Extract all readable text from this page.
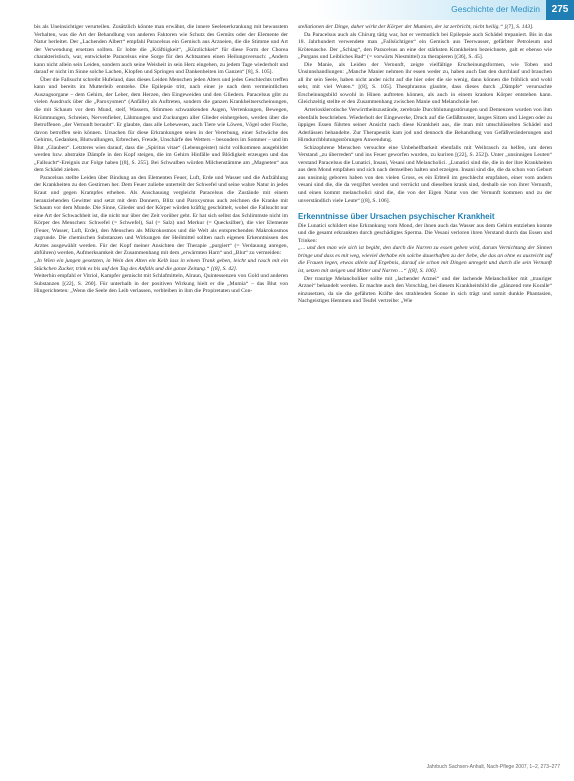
Geschichte der Medizin	275

bis als Uneinsichtiger verurteilen. Zusätzlich könnte man erwähnt, die innere Seelenerkrankung mit bewusstem Verhalten, was die Art der Behandlung von anderen Faktoren wie Schutz des Gemüts oder der Elemente der Natur herleitet. Der „Lachenden Albert“ empfahl Paracelsus ein Gemisch aus Arzneien, die die Stimme und Art der Verwendung ersetzen sollten. Er lobte die „Kräftiigkeit“, „Kürzlichkeit“ für diese Form der Chorea charakteristisch, war, entwickelte Paracelsus eine Sorge für den Achtsamen einen Heilungsversuch: „Andern kann nicht allein sein Leiden, sondern auch seine Weisheit in sein Herz eingehen, zu jedem Tage wiederholt und darauf er nicht im Sinne solche Lachen, Klopfen und Springen und Dankenheiten im Ganzen“ [8], S. 105].

Über die Fallsucht schreibt Hufeland, dass dieses Leiden Menschen jeden Alters und jedes Geschlechts treffen kann und bereits im Mutterleib entstehe. Die Epilepsie tritt, nach einer je nach dem vermeintlichen Auszugsorgane – dem Gehirn, der Leber, dem Herzen, den Eingeweiden und den Gliedern. Paracelsus gibt zu vielen Ausdruck über die „Paroxysmen“ (Anfälle) als Auftreten, sondern die ganzen Krankheitserscheinungen, die mit Schaum vor dem Mund, steif, Wassern, Stimmen schwankenden Augen, Verrenkungen, Bewegen, Krümmungen, Schreien, Nervenfieber, Lähmungen und Zuckungen aller Glieder einhergehen, werden über die Betroffenen „der Vernunft beraubt“. Er glaubte, dass alle Lebewesen, auch Tiere wie Löwen, Vögel oder Fische, davon betroffen sein können. Ursachen für diese Erkrankungen seien in der Vererbung, einer Schwäche des Gehirns, Gedanken, Blutwallungen, Erbrechen, Freude, Unschärfe des Wetters – besonders im Sommer – und im Blut „Glauben“. Letzteres wies darauf, dass die „Spiritus vitae“ (Lebensgeister) nicht vollkommen ausgebildet werden bzw. abstrakte Dämpfe in den Kopf steigen, die im Gehirn Hinfälle und Blödigkeit erzeugen und das „Fallsucht“-Ereignis zur Folge haben [(8], S. 255]. Bei Schwalben würden Milchenstämme am „Magneten“ aus dem Schädel ziehen.

Paracelsus stellte Leiden über Bindung an den Elementen Feuer, Luft, Erde und Wasser und die Aufzählung der Krankheiten zu den Gestirnen her. Dem Feuer zuliebe unterteilt der Schwefel und seine wahre Natur in jedes Kraut und gegen Krampfes erheben. Als Anschauung vergleicht Paracelsus die Zustände mit einem heranziehenden Gewitter und setzt mit dem Donnern, Blitz und Paroxysmus auch zeichnen die Kranke mit Schaum vor dem Munde. Die Sinne, Glieder und der Körper würden kräftig geschüttelt, wobei die Fallsucht nur eine Art der Schwachheit ist, die nicht nur über der Zeit vorüber geht. Er hat sich selbst das Schlimmste nicht im Körper des Menschen: Schwefel (= Schwefel), Sal (= Salz) und Merkur (= Quecksilber), die vier Elemente (Feuer, Wasser, Luft, Erde), den Menschen als Mikrokosmos und die Welt als entsprechenden Makrokosmos zugrunde. Die chemischen Substanzen und Wirkungen der Heilmittel sollten nach eigenen Erkenntnissen des Arztes ausgewählt werden. Für der Kopf meiner Ansichten der Therapie „purgiert“ (= Verdauung anregen, abführen) werden, Aufmerksamkeit der Zusammenhang mit dem „erwärmten Harn“ und „Blut“ zu vermeiden:

„In Wien ein jungen gesetzten, in Wein den Alten ein Kelb lass in einem Trank geben, leicht und rasch mit ein Stückchen Zucker, trink es bis auf den Tag des Anfalls und die ganze Zeitung.“ [(8], S. 42].

Weiterhin empfahl er Vitriol, Kampfer gemischt mit Schlafmitteln, Alraun, Quintessenzen von Gold und anderen Substanzen [(22], S. 260]. Für unterhalb in der positiven Wirkung hielt er die „Mumia“ – das Blut von Hingerichteten: „Wenn die Seele den Leib verlassen, verbleiben in ihm die Propiretaten und Con-

stellationen der Dinge, daher wirkt der Körper der Mumien, der ist zerbricht, nicht heilig.“ [(7], S. 143].

Da Paracelsus auch als Chirurg tätig war, hat er vermutlich bei Epilepsie auch Schädel trepaniert. Bis in das 18. Jahrhundert verwendete man „Fallsüchtigen“ ein Gemisch aus Teerwasser, gefärbter Petroleum und Krötenasche. Der „Schlag“, den Paracelsus an eine der stärksten Krankheiten bezeichnete, galt er ebenso wie „Purgans und Leibliches Bad“ (= vorwärts Niesmittel) zu therapieren [(36], S. 45].

Die Manie, als Leiden der Vernunft, zeigte vielfältige Erscheinungsformen, wie Toben und Unsinnshandlungen: „Manche Manier nehmen ihr essen weder zu, haben auch fast den durchlauf und brauchen all ihr sein Seele, haben nicht ander nicht auf die hier oder die sie wenig, dann können die fröhlich und wohl sehr, mit viel Wuten.“ [(8], S. 105]. Theophrastus glaubte, dass dieses durch „Dämpfe“ verursachte Erscheinungsbild sowohl in Hinen auftreten können, als auch in einem kranken Körper entstehen kann. Gleichzeitig stellte er den Zusammenhang zwischen Manie und Melancholie her.

Arteriosklerotische Verwirrtheitszustände, zerebrale Durchblutungsstörungen und Demenzen wurden von ihm ebenfalls beschrieben. Wiederholt der Eingewerke, Druck auf die Gefäßmuster, langes Sitzen und Liegen oder zu üppiges Essen führten seiner Ansicht nach diese Krankheit aus, die man mit umschlüsselten Schädel und Aderlässen behandelte. Zur Therapeutik kam jod und dennoch die Behandlung von Gefäßveränderungen und Hirndurchblutungsstörungen Anwendung.

Schizophrene Menschen versuchte eine Unbehelfbarkeit ebenfalls mit Weihrauch zu helfen, um deren Verstand „zu überreden“ und ins Feuer geworfen wurden, zu kuriren [(22], S. 252]). Unter „unsinnigen Leuten“ verstand Paracelsus die Lunatici, Insani, Vesani und Melancholici. „Lunatici sind die, die in der ihre Krankheiten aus dem Mond empfahen und sich nach demselben halten und erzeigen. Insani sind die, die da schon von Geburt aus unsinnig geboren haben von den vielen Gross, es ein Erbteil im geschlecht empfahen, einer vom andern vesani sind die, die da vergiftet werden und verrückt und dieselben krank sind, deshalb sie von ihrer Vernunft, und einen kommt melancholici sind die, die von der Eigen Natur von der Vernunft kommen und zu der unverständlich viele Leute“ [(8], S. 106].

Erkenntnisse über Ursachen psychischer Krankheit

Die Lunatici schildert eine Erkrankung vom Mond, der ihnen auch das Wasser aus dem Gehirn entziehen konnte und die gesamt erkrankten durch geschädigtes Sperma. Die Vesani verloren ihren Verstand durch das Essen und Trinken:

„... und den man wie sich ist begibt, den durch die Narren zu essen geben wird, darum Vernichtung der Sinnen bringe und dass es mit weg, wieviel derhabe ein solche dauerhaften zu der liebe, die das an ohne es ausreicht auf die Frauen legen, etwas allein auf Ergebnis, darauf sie schon mit Dingen unregelt und durch die sein Vernunft ist, setzen mit steigen und Mitter und Narren ...“ [(8], S. 106].

Der traurige Melancholiker sollte mit „lachender Arznei“ und der lachende Melancholiker mit „trauriger Arznei“ behandelt werden. Er machte auch den Vorschlag, bei diesem Krankheitsbild die „glänzend rote Koralle“ einzusetzen, da sie die gefährten Kräfte des strahlenden Sonne in sich trägt und somit dunkle Phantasien, Nachgeistiges Hemmen und Teufel vertreibe: „Wie

Jahrbuch Sachsen-Anhalt, Nach-Pflege 2007, 1–2, 273–277
